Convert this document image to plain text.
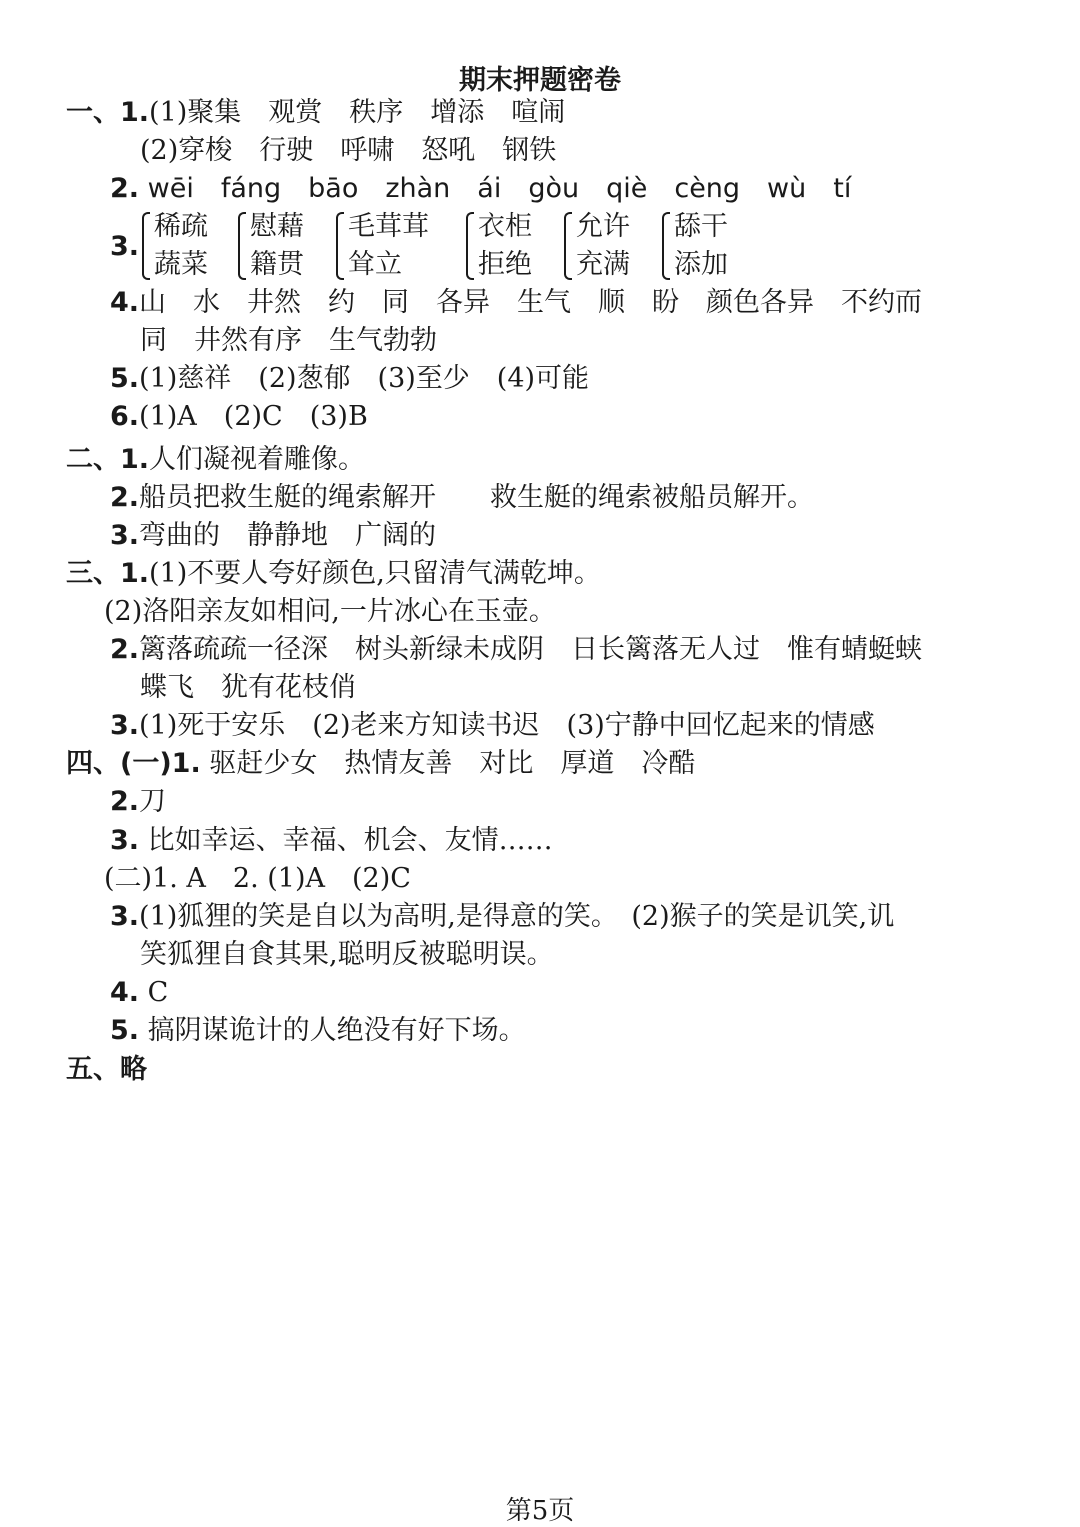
期末押题密卷
一、1.(1)聚集　观赏　秩序　增添　喧闹
(2)穿梭　行驶　呼啸　怒吼　钢铁
2. wēi　fáng　bāo　zhàn　ái　gòu　qiè　cèng　wù　tí
3.
稀疏
蔬菜
慰藉
籍贯
毛茸茸
耸立
衣柜
拒绝
允许
充满
舔干
添加
4.山　水　井然　约　同　各异　生气　顺　盼　颜色各异　不约而
同　井然有序　生气勃勃
5.(1)慈祥　(2)葱郁　(3)至少　(4)可能
6.(1)A　(2)C　(3)B
二、1.人们凝视着雕像。
2.船员把救生艇的绳索解开　　救生艇的绳索被船员解开。
3.弯曲的　静静地　广阔的
三、1.(1)不要人夸好颜色,只留清气满乾坤。
(2)洛阳亲友如相问,一片冰心在玉壶。
2.篱落疏疏一径深　树头新绿未成阴　日长篱落无人过　惟有蜻蜓蛱
蝶飞　犹有花枝俏
3.(1)死于安乐　(2)老来方知读书迟　(3)宁静中回忆起来的情感
四、(一)1. 驱赶少女　热情友善　对比　厚道　冷酷
2.刀
3. 比如幸运、幸福、机会、友情……
(二)1. A　2. (1)A　(2)C
3.(1)狐狸的笑是自以为高明,是得意的笑。　(2)猴子的笑是讥笑,讥
笑狐狸自食其果,聪明反被聪明误。
4. C
5. 搞阴谋诡计的人绝没有好下场。
五、略
第5页
